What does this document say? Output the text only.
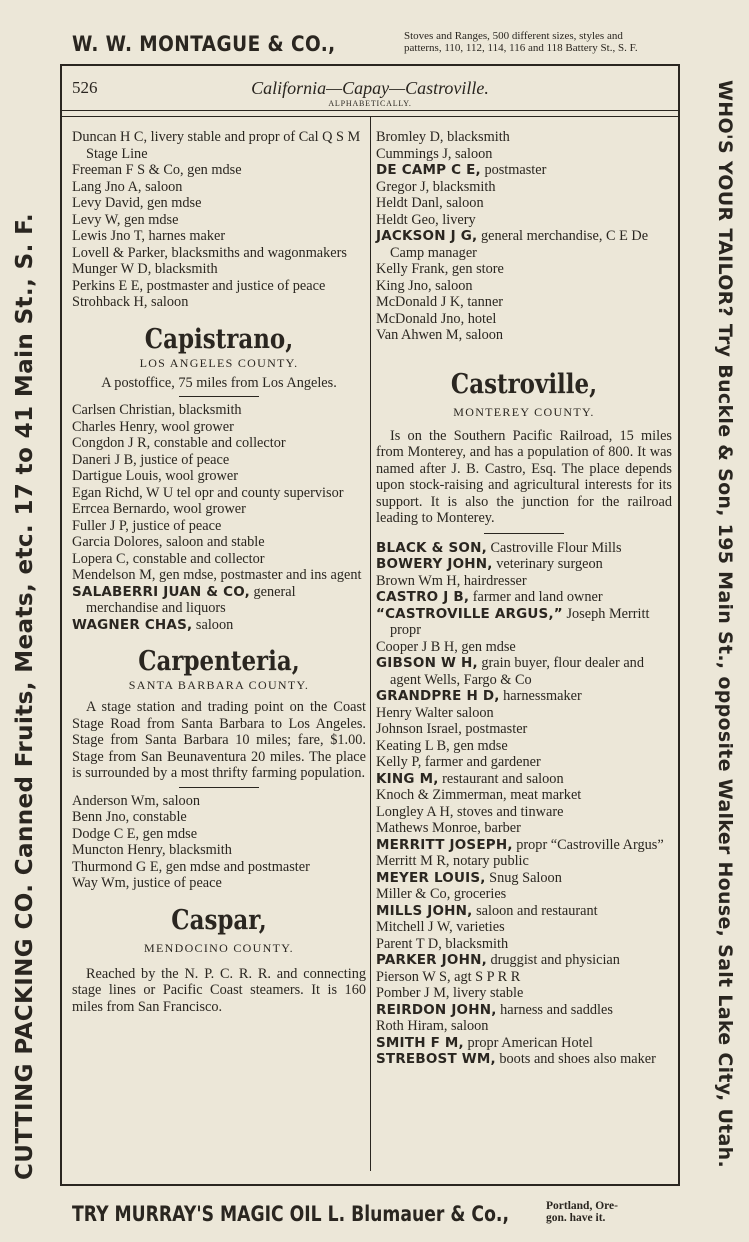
W. W. MONTAGUE & CO.,	Stoves and Ranges, 500 different sizes, styles and
patterns, 110, 112, 114, 116 and 118 Battery St., S. F.
CUTTING PACKING CO. Canned Fruits, Meats, etc. 17 to 41 Main St., S. F.	WHO'S YOUR TAILOR? Try Buckle & Son, 195 Main St., opposite Walker House, Salt Lake City, Utah.
526	California—Capay—Castroville.
ALPHABETICALLY.
Duncan H C, livery stable and propr of Cal Q S M Stage Line
Freeman F S & Co, gen mdse
Lang Jno A, saloon
Levy David, gen mdse
Levy W, gen mdse
Lewis Jno T, harnes maker
Lovell & Parker, blacksmiths and wagonmakers
Munger W D, blacksmith
Perkins E E, postmaster and justice of peace
Strohback H, saloon
Capistrano,
LOS ANGELES COUNTY.
A postoffice, 75 miles from Los Angeles.
Carlsen Christian, blacksmith
Charles Henry, wool grower
Congdon J R, constable and collector
Daneri J B, justice of peace
Dartigue Louis, wool grower
Egan Richd, W U tel opr and county supervisor
Errcea Bernardo, wool grower
Fuller J P, justice of peace
Garcia Dolores, saloon and stable
Lopera C, constable and collector
Mendelson M, gen mdse, postmaster and ins agent
SALABERRI JUAN & CO, general merchandise and liquors
WAGNER CHAS, saloon
Carpenteria,
SANTA BARBARA COUNTY.
A stage station and trading point on the Coast Stage Road from Santa Barbara to Los Angeles. Stage from Santa Barbara 10 miles; fare, $1.00. Stage from San Beunaventura 20 miles. The place is surrounded by a most thrifty farming population.
Anderson Wm, saloon
Benn Jno, constable
Dodge C E, gen mdse
Muncton Henry, blacksmith
Thurmond G E, gen mdse and postmaster
Way Wm, justice of peace
Caspar,
MENDOCINO COUNTY.
Reached by the N. P. C. R. R. and connecting stage lines or Pacific Coast steamers. It is 160 miles from San Francisco.
Bromley D, blacksmith
Cummings J, saloon
DE CAMP C E, postmaster
Gregor J, blacksmith
Heldt Danl, saloon
Heldt Geo, livery
JACKSON J G, general merchandise, C E De Camp manager
Kelly Frank, gen store
King Jno, saloon
McDonald J K, tanner
McDonald Jno, hotel
Van Ahwen M, saloon
Castroville,
MONTEREY COUNTY.
Is on the Southern Pacific Railroad, 15 miles from Monterey, and has a population of 800. It was named after J. B. Castro, Esq. The place depends upon stock-raising and agricultural interests for its support. It is also the junction for the railroad leading to Monterey.
BLACK & SON, Castroville Flour Mills
BOWERY JOHN, veterinary surgeon
Brown Wm H, hairdresser
CASTRO J B, farmer and land owner
“CASTROVILLE ARGUS,” Joseph Merritt propr
Cooper J B H, gen mdse
GIBSON W H, grain buyer, flour dealer and agent Wells, Fargo & Co
GRANDPRE H D, harnessmaker
Henry Walter saloon
Johnson Israel, postmaster
Keating L B, gen mdse
Kelly P, farmer and gardener
KING M, restaurant and saloon
Knoch & Zimmerman, meat market
Longley A H, stoves and tinware
Mathews Monroe, barber
MERRITT JOSEPH, propr “Castroville Argus”
Merritt M R, notary public
MEYER LOUIS, Snug Saloon
Miller & Co, groceries
MILLS JOHN, saloon and restaurant
Mitchell J W, varieties
Parent T D, blacksmith
PARKER JOHN, druggist and physician
Pierson W S, agt S P R R
Pomber J M, livery stable
REIRDON JOHN, harness and saddles
Roth Hiram, saloon
SMITH F M, propr American Hotel
STREBOST WM, boots and shoes also maker
TRY MURRAY'S MAGIC OIL L. Blumauer & Co.,	Portland, Ore-
gon. have it.
